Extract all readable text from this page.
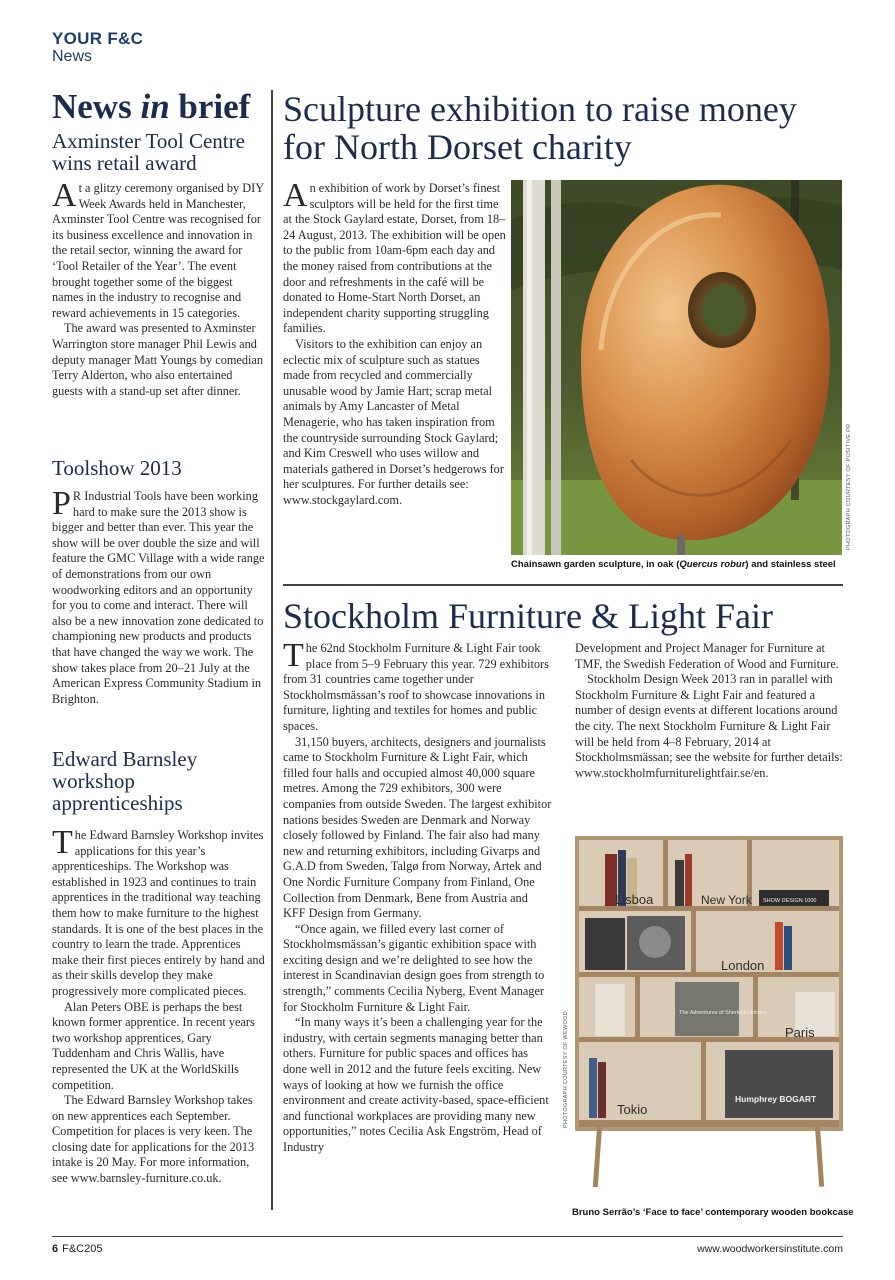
YOUR F&C
News
News in brief
Axminster Tool Centre wins retail award

At a glitzy ceremony organised by DIY Week Awards held in Manchester, Axminster Tool Centre was recognised for its business excellence and innovation in the retail sector, winning the award for ‘Tool Retailer of the Year’. The event brought together some of the biggest names in the industry to recognise and reward achievements in 15 categories.

The award was presented to Axminster Warrington store manager Phil Lewis and deputy manager Matt Youngs by comedian Terry Alderton, who also entertained guests with a stand-up set after dinner.

Toolshow 2013

P R Industrial Tools have been working hard to make sure the 2013 show is bigger and better than ever. This year the show will be over double the size and will feature the GMC Village with a wide range of demonstrations from our own woodworking editors and an opportunity for you to come and interact. There will also be a new innovation zone dedicated to championing new products and products that have changed the way we work. The show takes place from 20–21 July at the American Express Community Stadium in Brighton.

Edward Barnsley workshop apprenticeships

The Edward Barnsley Workshop invites applications for this year’s apprenticeships. The Workshop was established in 1923 and continues to train apprentices in the traditional way teaching them how to make furniture to the highest standards. It is one of the best places in the country to learn the trade. Apprentices make their first pieces entirely by hand and as their skills develop they make progressively more complicated pieces.

Alan Peters OBE is perhaps the best known former apprentice. In recent years two workshop apprentices, Gary Tuddenham and Chris Wallis, have represented the UK at the WorldSkills competition.

The Edward Barnsley Workshop takes on new apprentices each September. Competition for places is very keen. The closing date for applications for the 2013 intake is 20 May. For more information, see www.barnsley-furniture.co.uk.

Sculpture exhibition to raise money for North Dorset charity

An exhibition of work by Dorset’s finest sculptors will be held for the first time at the Stock Gaylard estate, Dorset, from 18–24 August, 2013. The exhibition will be open to the public from 10am-6pm each day and the money raised from contributions at the door and refreshments in the café will be donated to Home-Start North Dorset, an independent charity supporting struggling families.

Visitors to the exhibition can enjoy an eclectic mix of sculpture such as statues made from recycled and commercially unusable wood by Jamie Hart; scrap metal animals by Amy Lancaster of Metal Menagerie, who has taken inspiration from the countryside surrounding Stock Gaylard; and Kim Creswell who uses willow and materials gathered in Dorset’s hedgerows for her sculptures. For further details see: www.stockgaylard.com.

Chainsawn garden sculpture, in oak (Quercus robur) and stainless steel
PHOTOGRAPH COURTESY OF POSITIVE PR
Stockholm Furniture & Light Fair

The 62nd Stockholm Furniture & Light Fair took place from 5–9 February this year. 729 exhibitors from 31 countries came together under Stockholmsmässan’s roof to showcase innovations in furniture, lighting and textiles for homes and public spaces.

31,150 buyers, architects, designers and journalists came to Stockholm Furniture & Light Fair, which filled four halls and occupied almost 40,000 square metres. Among the 729 exhibitors, 300 were companies from outside Sweden. The largest exhibitor nations besides Sweden are Denmark and Norway closely followed by Finland. The fair also had many new and returning exhibitors, including Givarps and G.A.D from Sweden, Talgø from Norway, Artek and One Nordic Furniture Company from Finland, One Collection from Denmark, Bene from Austria and KFF Design from Germany.

“Once again, we filled every last corner of Stockholmsmässan’s gigantic exhibition space with exciting design and we’re delighted to see how the interest in Scandinavian design goes from strength to strength,” comments Cecilia Nyberg, Event Manager for Stockholm Furniture & Light Fair.

“In many ways it’s been a challenging year for the industry, with certain segments managing better than others. Furniture for public spaces and offices has done well in 2012 and the future feels exciting. New ways of looking at how we furnish the office environment and create activity-based, space-efficient and functional workplaces are providing many new opportunities,” notes Cecilia Ask Engström, Head of Industry

Development and Project Manager for Furniture at TMF, the Swedish Federation of Wood and Furniture.

Stockholm Design Week 2013 ran in parallel with Stockholm Furniture & Light Fair and featured a number of design events at different locations around the city. The next Stockholm Furniture & Light Fair will be held from 4–8 February, 2014 at Stockholmsmässan; see the website for further details: www.stockholmfurniturelightfair.se/en.

Lisboa	New York
London
Paris
Tokio
Humphrey BOGART
The Adventures of Sherlock Holmes
SHOW DESIGN 1000
Bruno Serrão’s ‘Face to face’ contemporary wooden bookcase
PHOTOGRAPH COURTESY OF WEWOOD
6 F&C205	www.woodworkersinstitute.com
